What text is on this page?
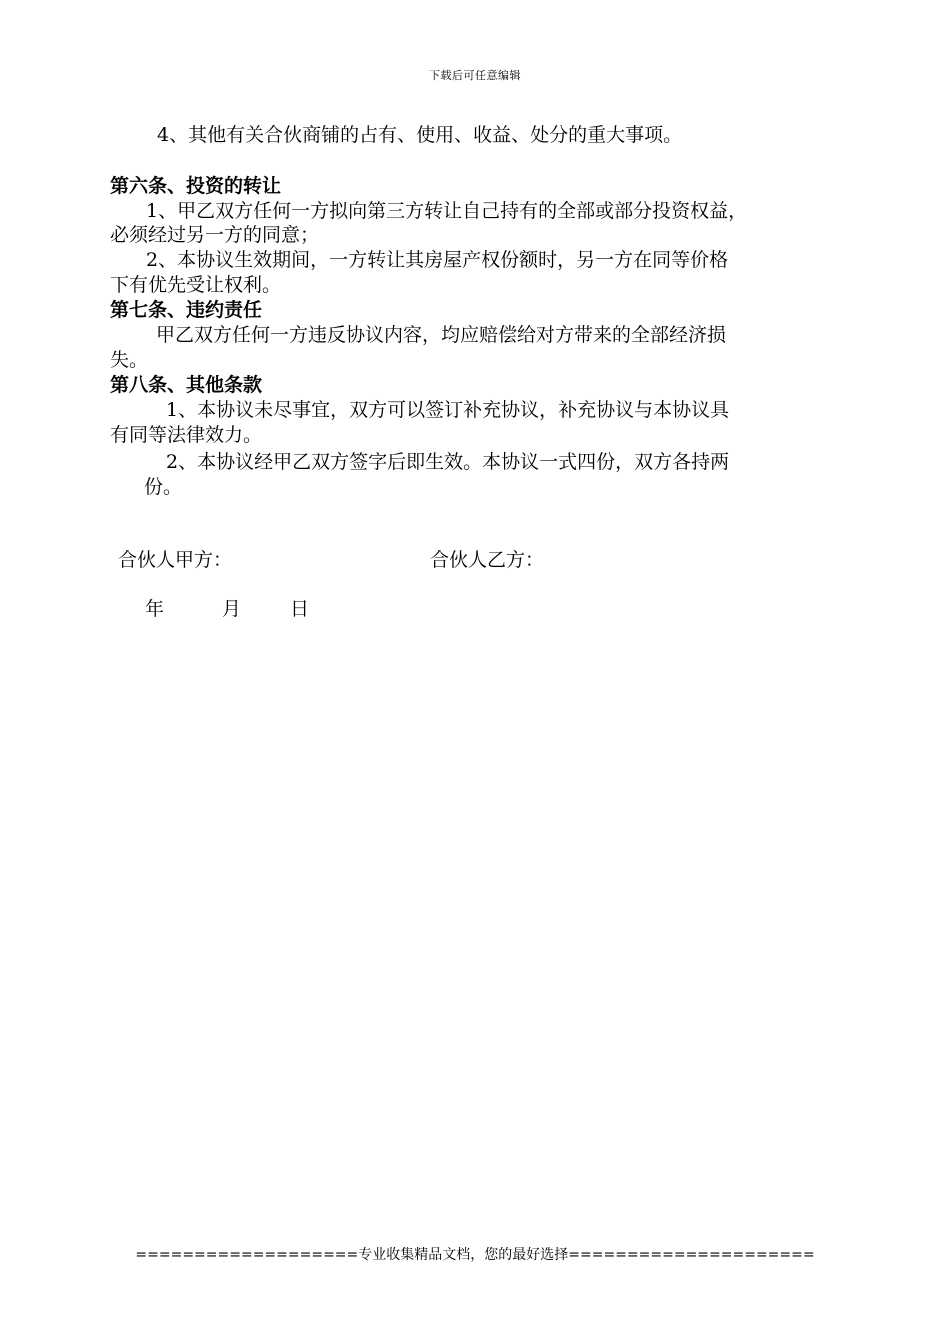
下载后可任意编辑
4、其他有关合伙商铺的占有、使用、收益、处分的重大事项。
第六条、投资的转让
1、甲乙双方任何一方拟向第三方转让自己持有的全部或部分投资权益，
必须经过另一方的同意；
2、本协议生效期间，一方转让其房屋产权份额时，另一方在同等价格
下有优先受让权利。
第七条、违约责任
甲乙双方任何一方违反协议内容，均应赔偿给对方带来的全部经济损
失。
第八条、其他条款
1、本协议未尽事宜，双方可以签订补充协议，补充协议与本协议具
有同等法律效力。
2、本协议经甲乙双方签字后即生效。本协议一式四份，双方各持两
份。
合伙人甲方：	合伙人乙方：
年	月	日
===================专业收集精品文档，您的最好选择=====================
